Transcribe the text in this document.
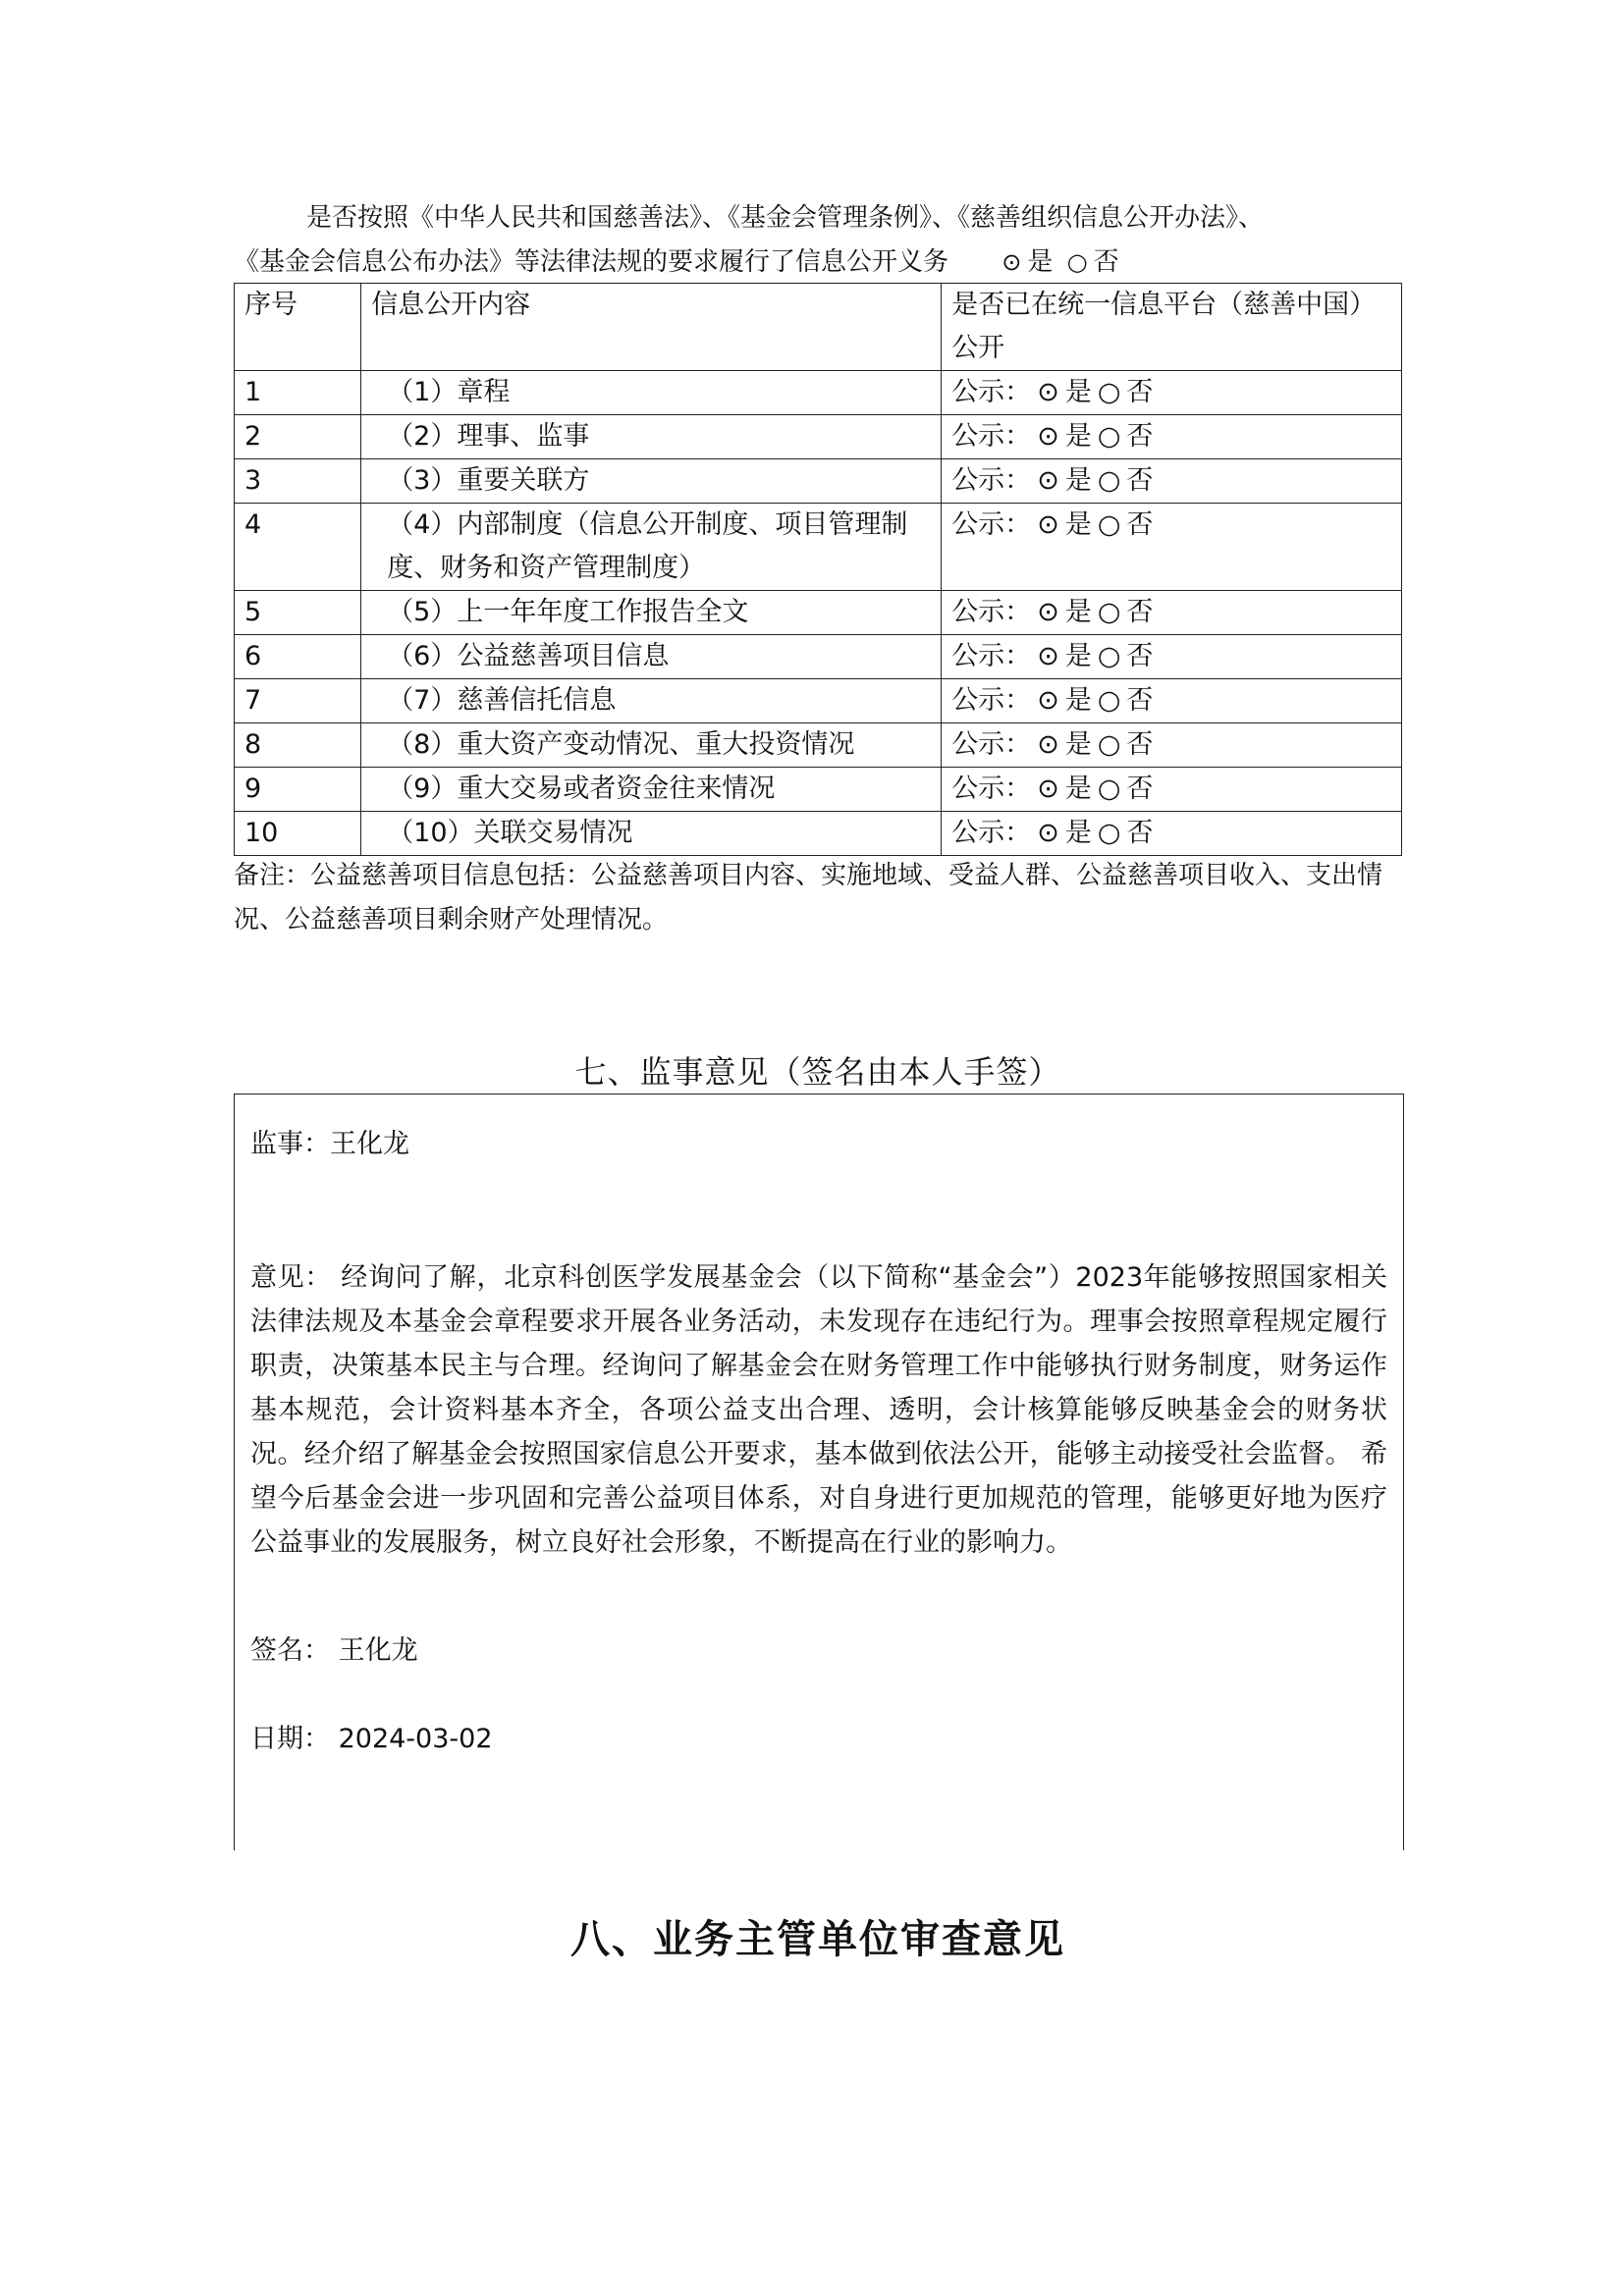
是否按照《中华人民共和国慈善法》、《基金会管理条例》、《慈善组织信息公开办法》、
《基金会信息公布办法》等法律法规的要求履行了信息公开义务 ⊙ 是 ○ 否
序号	信息公开内容	是否已在统一信息平台（慈善中国）公开
1	（1）章程	公示： ⊙ 是 ○ 否
2	（2）理事、监事	公示： ⊙ 是 ○ 否
3	（3）重要关联方	公示： ⊙ 是 ○ 否
4	（4）内部制度（信息公开制度、项目管理制度、财务和资产管理制度）	公示： ⊙ 是 ○ 否
5	（5）上一年年度工作报告全文	公示： ⊙ 是 ○ 否
6	（6）公益慈善项目信息	公示： ⊙ 是 ○ 否
7	（7）慈善信托信息	公示： ⊙ 是 ○ 否
8	（8）重大资产变动情况、重大投资情况	公示： ⊙ 是 ○ 否
9	（9）重大交易或者资金往来情况	公示： ⊙ 是 ○ 否
10	（10）关联交易情况	公示： ⊙ 是 ○ 否
备注：公益慈善项目信息包括：公益慈善项目内容、实施地域、受益人群、公益慈善项目收入、支出情况、公益慈善项目剩余财产处理情况。
七、监事意见（签名由本人手签）
监事：王化龙
意见： 经询问了解，北京科创医学发展基金会（以下简称“基金会”）2023年能够按照国家相关法律法规及本基金会章程要求开展各业务活动，未发现存在违纪行为。理事会按照章程规定履行职责，决策基本民主与合理。经询问了解基金会在财务管理工作中能够执行财务制度，财务运作基本规范，会计资料基本齐全，各项公益支出合理、透明，会计核算能够反映基金会的财务状况。经介绍了解基金会按照国家信息公开要求，基本做到依法公开，能够主动接受社会监督。 希望今后基金会进一步巩固和完善公益项目体系，对自身进行更加规范的管理，能够更好地为医疗公益事业的发展服务，树立良好社会形象，不断提高在行业的影响力。
签名： 王化龙
日期： 2024-03-02
八、业务主管单位审查意见
